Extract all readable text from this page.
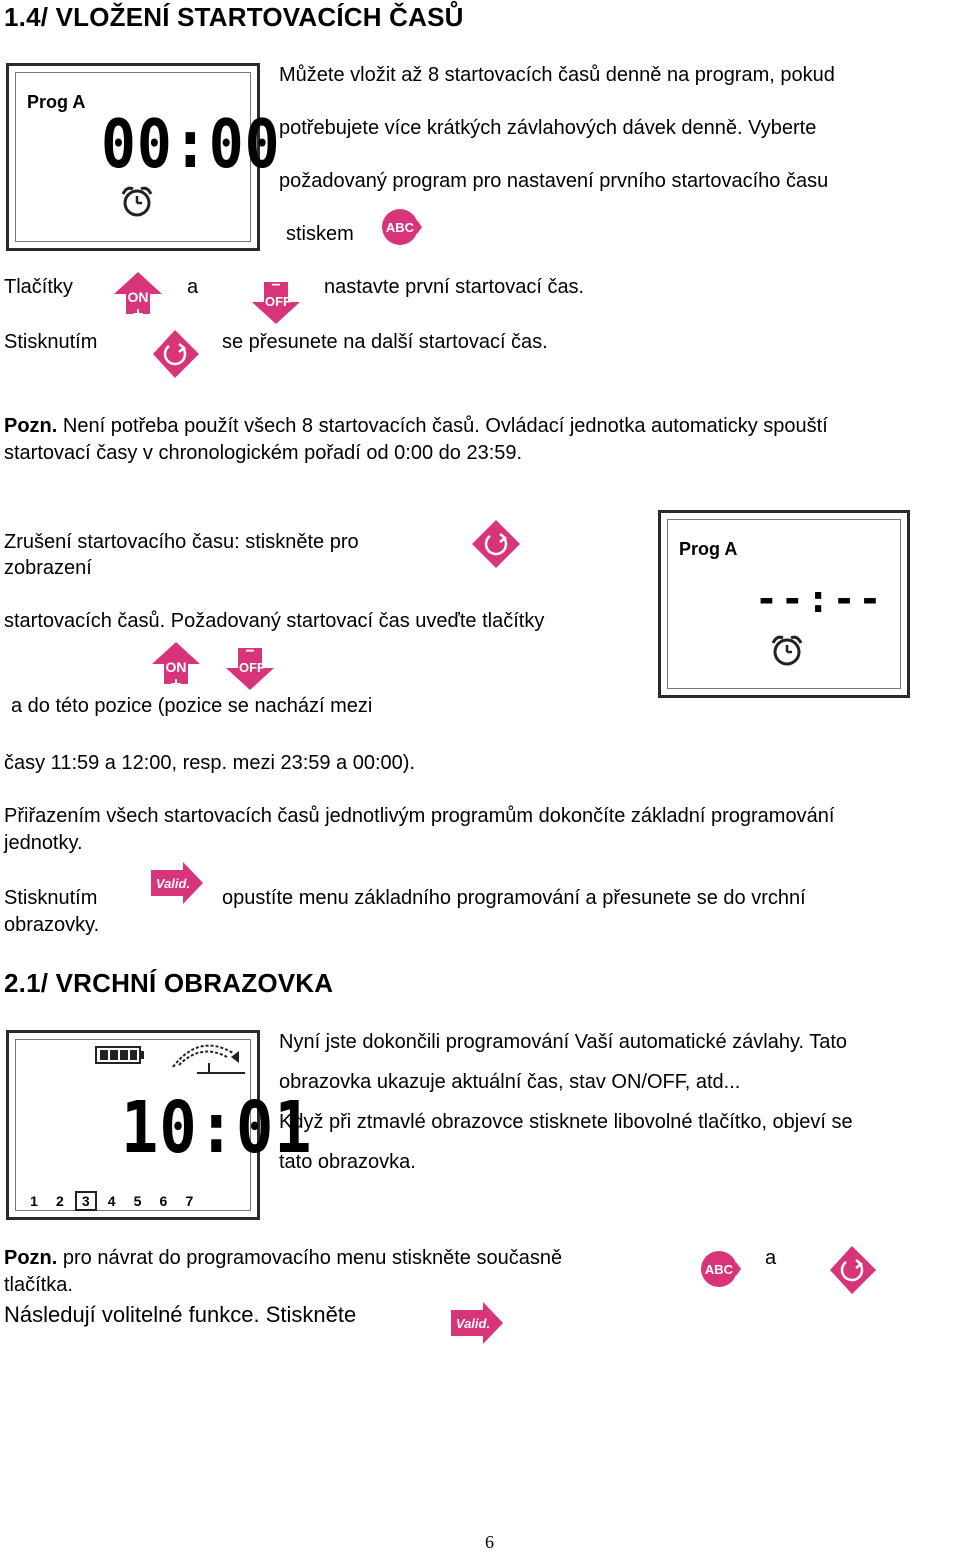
1.4/ VLOŽENÍ STARTOVACÍCH ČASŮ
Prog A
00:00
Můžete vložit až 8 startovacích časů denně na program, pokud
potřebujete více krátkých závlahových dávek denně. Vyberte
požadovaný program pro nastavení prvního startovacího času
stiskem ABC
Tlačítky	ON
+
a	−
OFF
nastavte první startovací čas.
Stisknutím	se přesunete na další startovací čas.
Pozn. Není potřeba použít všech 8 startovacích časů. Ovládací jednotka automaticky spouští
startovací časy v chronologickém pořadí od 0:00 do 23:59.
Zrušení startovacího času: stiskněte pro
zobrazení
startovacích časů. Požadovaný startovací čas uveďte tlačítky
ON
+
−
OFF
a do této pozice (pozice se nachází mezi
časy 11:59 a 12:00, resp. mezi 23:59 a 00:00).
Prog A
--:--
Přiřazením všech startovacích časů jednotlivým programům dokončíte základní programování
jednotky.
Stisknutím
Valid.
opustíte menu základního programování a přesunete se do vrchní
obrazovky.
2.1/ VRCHNÍ OBRAZOVKA
10:01
1 2 3 4 5 6 7
Nyní jste dokončili programování Vaší automatické závlahy. Tato
obrazovka ukazuje aktuální čas, stav ON/OFF, atd...
Když při ztmavlé obrazovce stisknete libovolné tlačítko, objeví se
tato obrazovka.
Pozn. pro návrat do programovacího menu stiskněte současně
ABC
a
tlačítka.
Následují volitelné funkce. Stiskněte	Valid.
6
